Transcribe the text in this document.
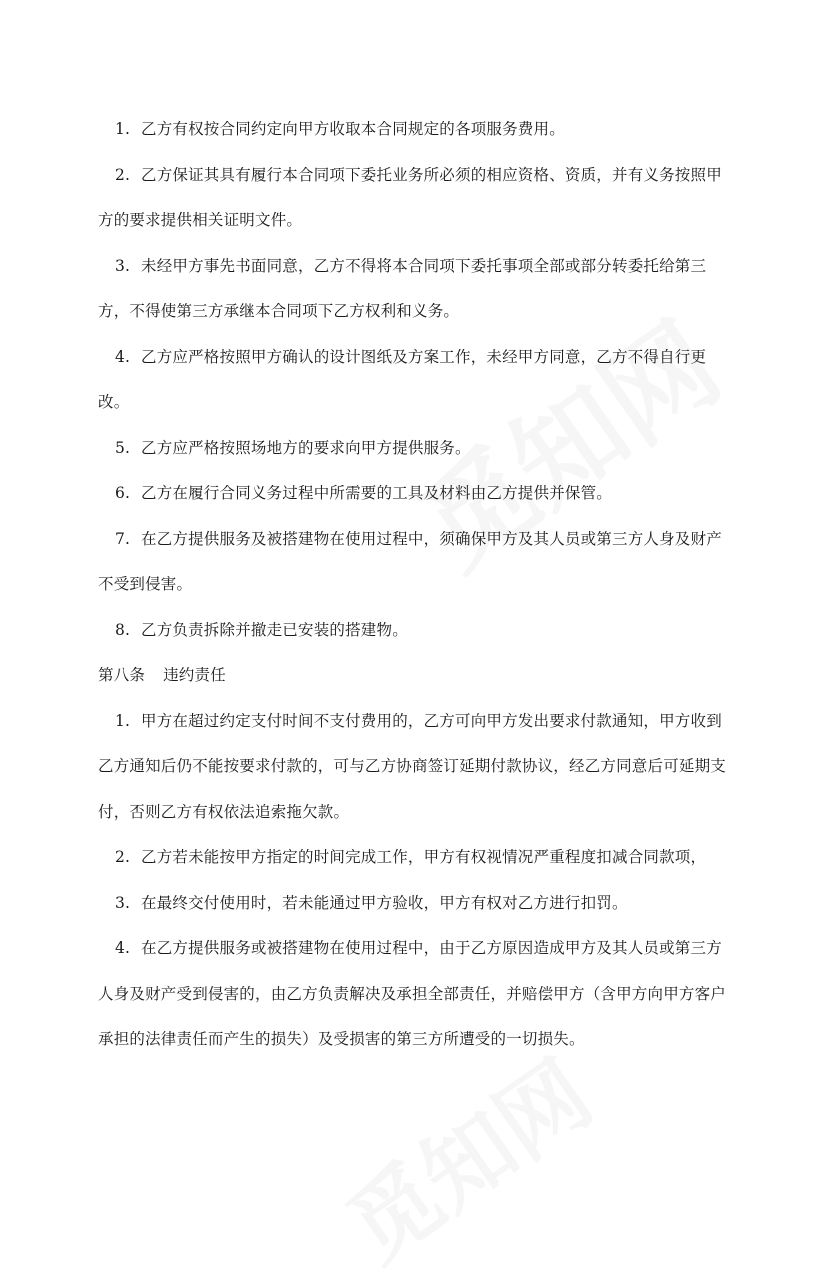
1. 乙方有权按合同约定向甲方收取本合同规定的各项服务费用。

2. 乙方保证其具有履行本合同项下委托业务所必须的相应资格、资质，并有义务按照甲方的要求提供相关证明文件。

3. 未经甲方事先书面同意，乙方不得将本合同项下委托事项全部或部分转委托给第三方，不得使第三方承继本合同项下乙方权利和义务。

4. 乙方应严格按照甲方确认的设计图纸及方案工作，未经甲方同意，乙方不得自行更改。

5. 乙方应严格按照场地方的要求向甲方提供服务。

6. 乙方在履行合同义务过程中所需要的工具及材料由乙方提供并保管。

7. 在乙方提供服务及被搭建物在使用过程中，须确保甲方及其人员或第三方人身及财产不受到侵害。

8. 乙方负责拆除并撤走已安装的搭建物。

第八条 违约责任

1. 甲方在超过约定支付时间不支付费用的，乙方可向甲方发出要求付款通知，甲方收到乙方通知后仍不能按要求付款的，可与乙方协商签订延期付款协议，经乙方同意后可延期支付，否则乙方有权依法追索拖欠款。

2. 乙方若未能按甲方指定的时间完成工作，甲方有权视情况严重程度扣减合同款项，

3. 在最终交付使用时，若未能通过甲方验收，甲方有权对乙方进行扣罚。

4. 在乙方提供服务或被搭建物在使用过程中，由于乙方原因造成甲方及其人员或第三方人身及财产受到侵害的，由乙方负责解决及承担全部责任，并赔偿甲方（含甲方向甲方客户承担的法律责任而产生的损失）及受损害的第三方所遭受的一切损失。
